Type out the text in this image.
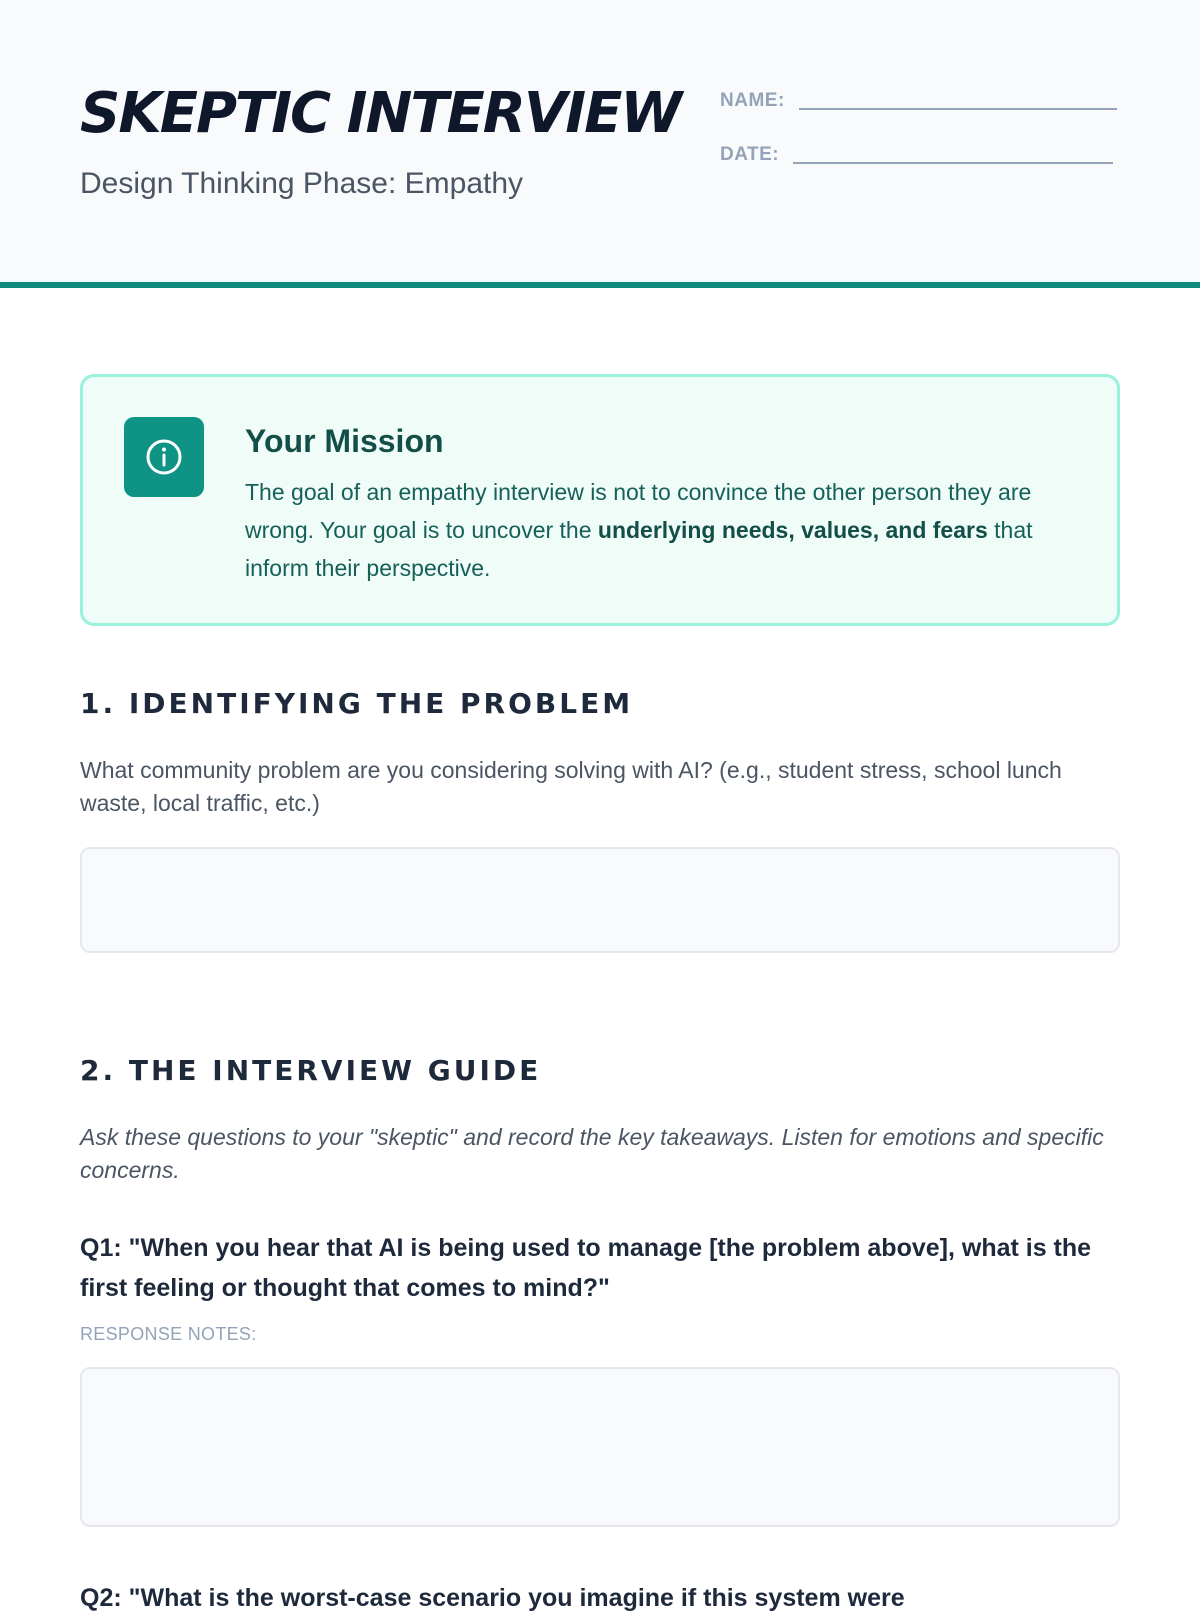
SKEPTIC INTERVIEW
Design Thinking Phase: Empathy
NAME:
DATE:
Your Mission

The goal of an empathy interview is not to convince the other person they are wrong. Your goal is to uncover the underlying needs, values, and fears that inform their perspective.

1. IDENTIFYING THE PROBLEM

What community problem are you considering solving with AI? (e.g., student stress, school lunch waste, local traffic, etc.)

2. THE INTERVIEW GUIDE

Ask these questions to your "skeptic" and record the key takeaways. Listen for emotions and specific concerns.

Q1: "When you hear that AI is being used to manage [the problem above], what is the first feeling or thought that comes to mind?"

RESPONSE NOTES:

Q2: "What is the worst-case scenario you imagine if this system were
